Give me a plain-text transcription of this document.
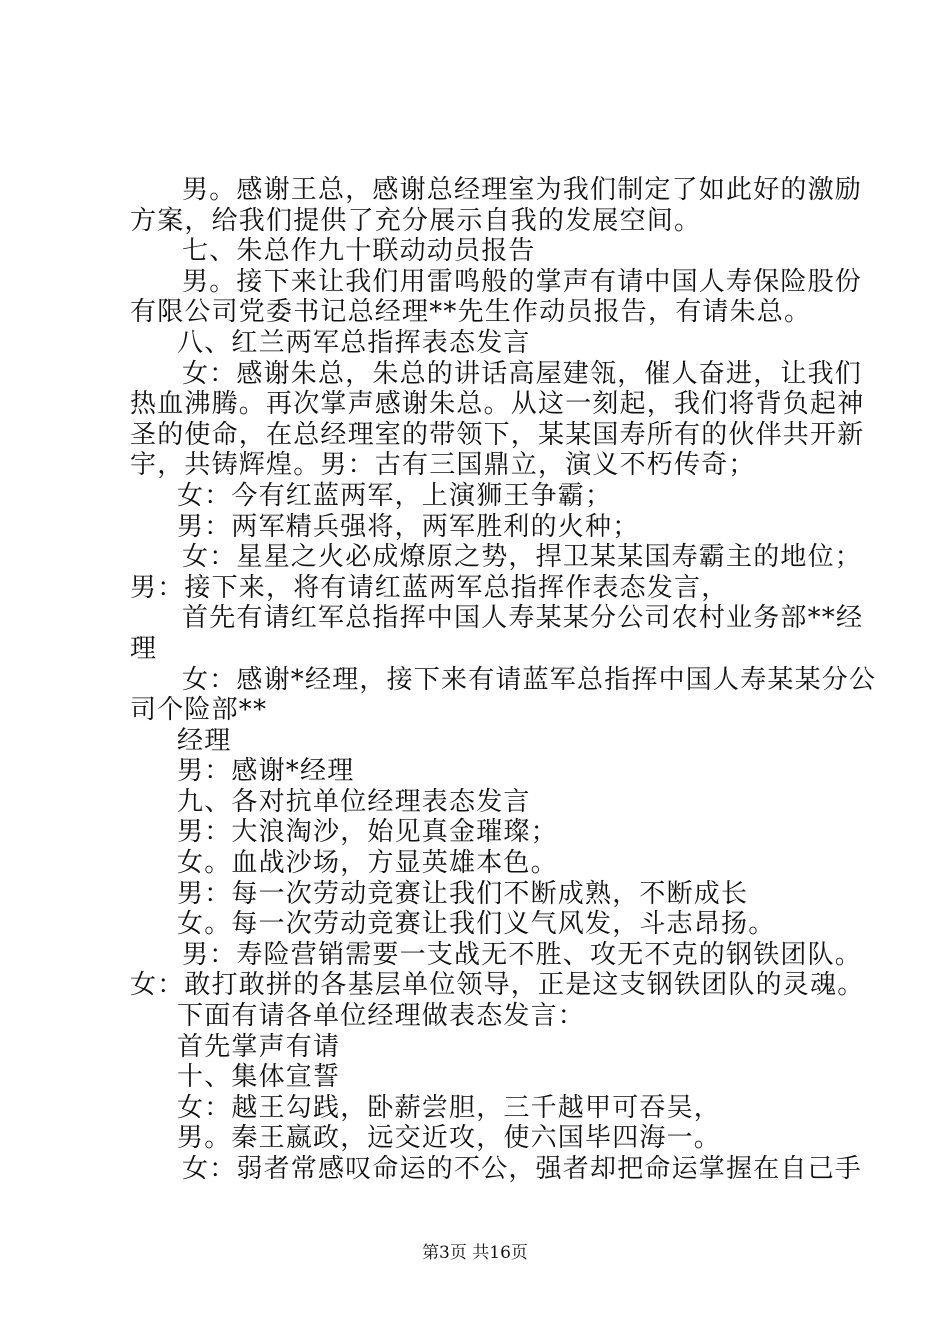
男。感谢王总，感谢总经理室为我们制定了如此好的激励
方案，给我们提供了充分展示自我的发展空间。
七、朱总作九十联动动员报告
男。接下来让我们用雷鸣般的掌声有请中国人寿保险股份
有限公司党委书记总经理**先生作动员报告，有请朱总。
八、红兰两军总指挥表态发言
女：感谢朱总，朱总的讲话高屋建瓴，催人奋进，让我们
热血沸腾。再次掌声感谢朱总。从这一刻起，我们将背负起神
圣的使命，在总经理室的带领下，某某国寿所有的伙伴共开新
宇，共铸辉煌。男：古有三国鼎立，演义不朽传奇；
女：今有红蓝两军，上演狮王争霸；
男：两军精兵强将，两军胜利的火种；
女：星星之火必成燎原之势，捍卫某某国寿霸主的地位；
男：接下来，将有请红蓝两军总指挥作表态发言，
首先有请红军总指挥中国人寿某某分公司农村业务部**经
理
女：感谢*经理，接下来有请蓝军总指挥中国人寿某某分公
司个险部**
经理
男：感谢*经理
九、各对抗单位经理表态发言
男：大浪淘沙，始见真金璀璨；
女。血战沙场，方显英雄本色。
男：每一次劳动竞赛让我们不断成熟，不断成长
女。每一次劳动竞赛让我们义气风发，斗志昂扬。
男：寿险营销需要一支战无不胜、攻无不克的钢铁团队。
女：敢打敢拼的各基层单位领导，正是这支钢铁团队的灵魂。
下面有请各单位经理做表态发言：
首先掌声有请
十、集体宣誓
女：越王勾践，卧薪尝胆，三千越甲可吞吴，
男。秦王嬴政，远交近攻，使六国毕四海一。
女：弱者常感叹命运的不公，强者却把命运掌握在自己手
第3页 共16页
